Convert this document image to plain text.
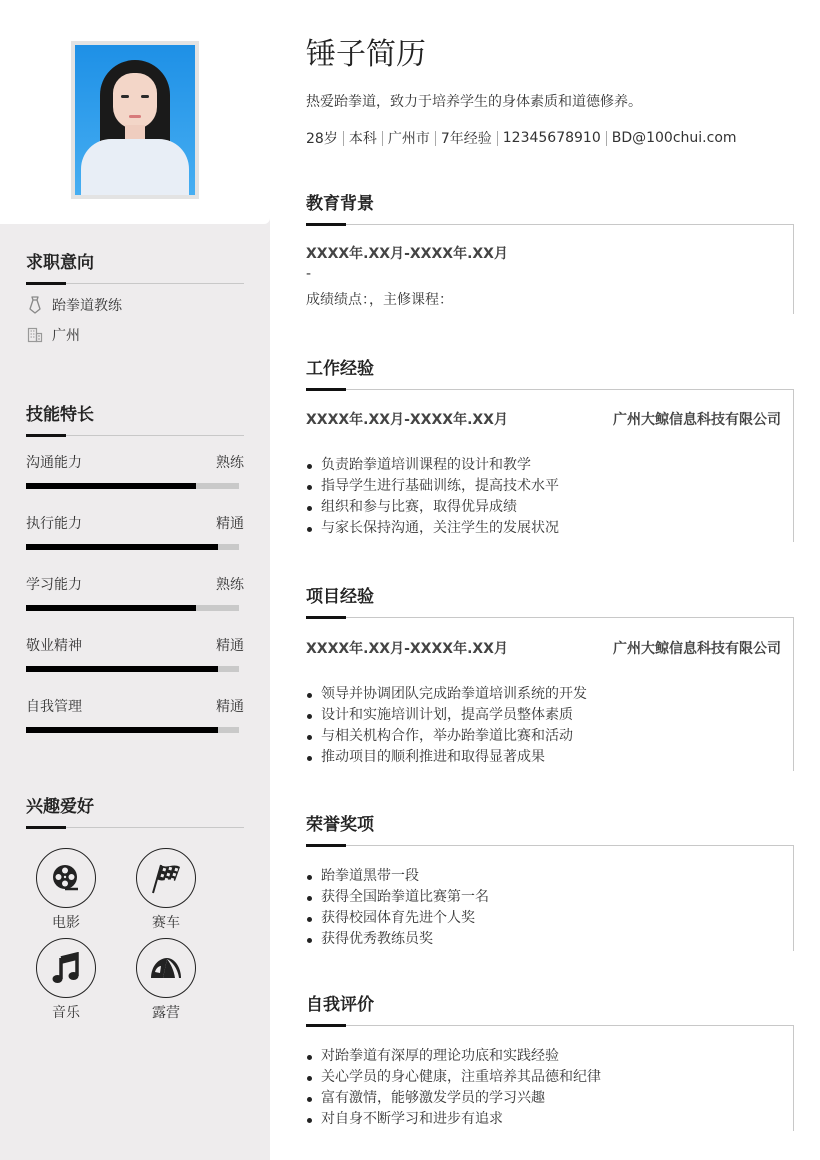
求职意向
跆拳道教练
广州
技能特长
沟通能力	熟练
执行能力	精通
学习能力	熟练
敬业精神	精通
自我管理	精通
兴趣爱好
电影	赛车
音乐	露营
锤子简历
热爱跆拳道，致力于培养学生的身体素质和道德修养。
28岁 本科 广州市 7年经验 12345678910 BD@100chui.com
教育背景
XXXX年.XX月-XXXX年.XX月
-
成绩绩点：，主修课程：
工作经验
XXXX年.XX月-XXXX年.XX月	广州大鲸信息科技有限公司
负责跆拳道培训课程的设计和教学
指导学生进行基础训练，提高技术水平
组织和参与比赛，取得优异成绩
与家长保持沟通，关注学生的发展状况
项目经验
XXXX年.XX月-XXXX年.XX月	广州大鲸信息科技有限公司
领导并协调团队完成跆拳道培训系统的开发
设计和实施培训计划，提高学员整体素质
与相关机构合作，举办跆拳道比赛和活动
推动项目的顺利推进和取得显著成果
荣誉奖项
跆拳道黑带一段
获得全国跆拳道比赛第一名
获得校园体育先进个人奖
获得优秀教练员奖
自我评价
对跆拳道有深厚的理论功底和实践经验
关心学员的身心健康，注重培养其品德和纪律
富有激情，能够激发学员的学习兴趣
对自身不断学习和进步有追求
